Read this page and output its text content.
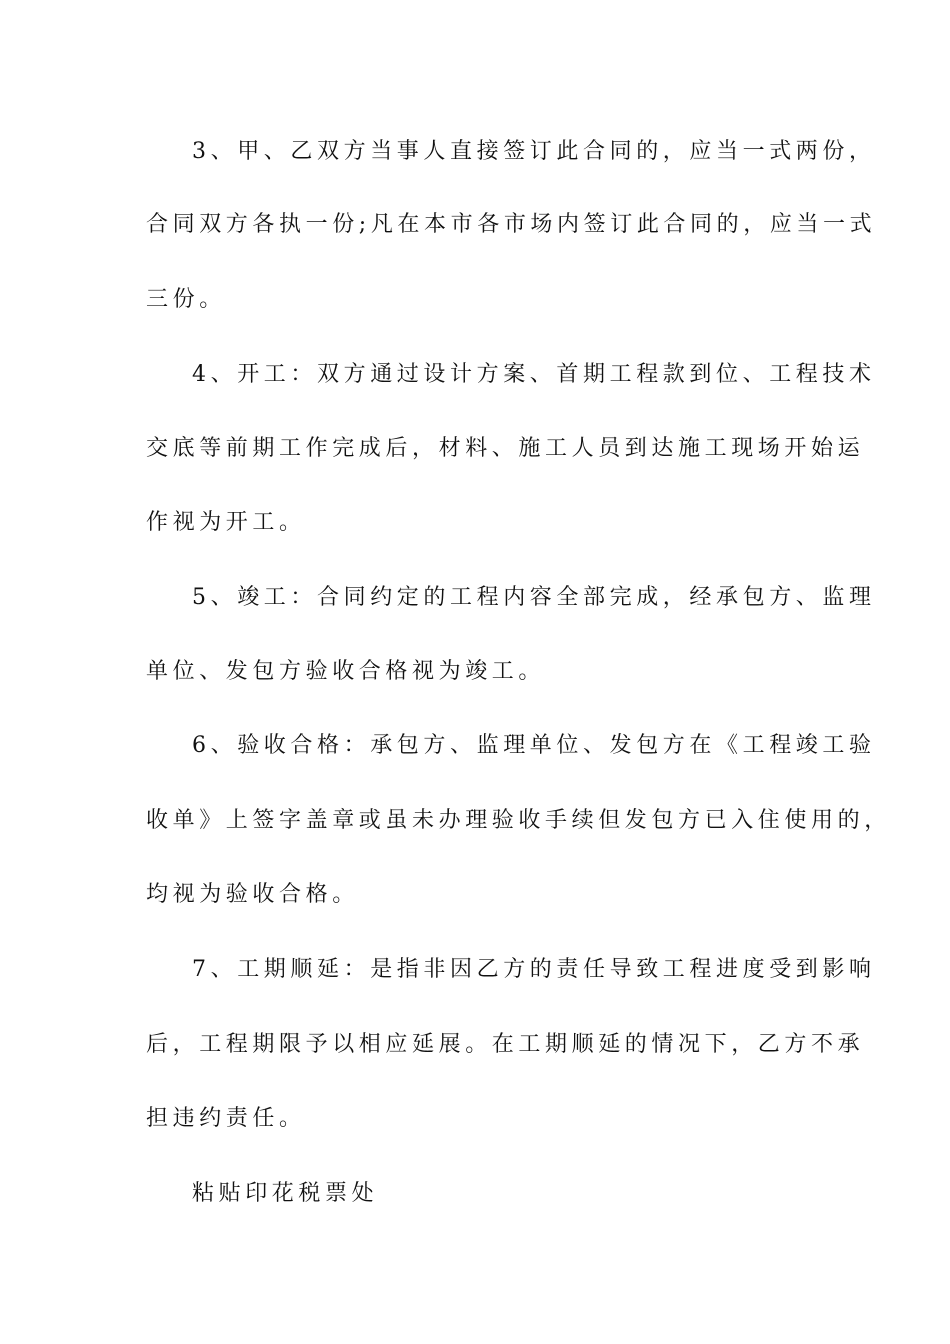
3、甲、乙双方当事人直接签订此合同的，应当一式两份，
合同双方各执一份;凡在本市各市场内签订此合同的，应当一式
三份。
4、开工：双方通过设计方案、首期工程款到位、工程技术
交底等前期工作完成后，材料、施工人员到达施工现场开始运
作视为开工。
5、竣工：合同约定的工程内容全部完成，经承包方、监理
单位、发包方验收合格视为竣工。
6、验收合格：承包方、监理单位、发包方在《工程竣工验
收单》上签字盖章或虽未办理验收手续但发包方已入住使用的，
均视为验收合格。
7、工期顺延：是指非因乙方的责任导致工程进度受到影响
后，工程期限予以相应延展。在工期顺延的情况下，乙方不承
担违约责任。
粘贴印花税票处
